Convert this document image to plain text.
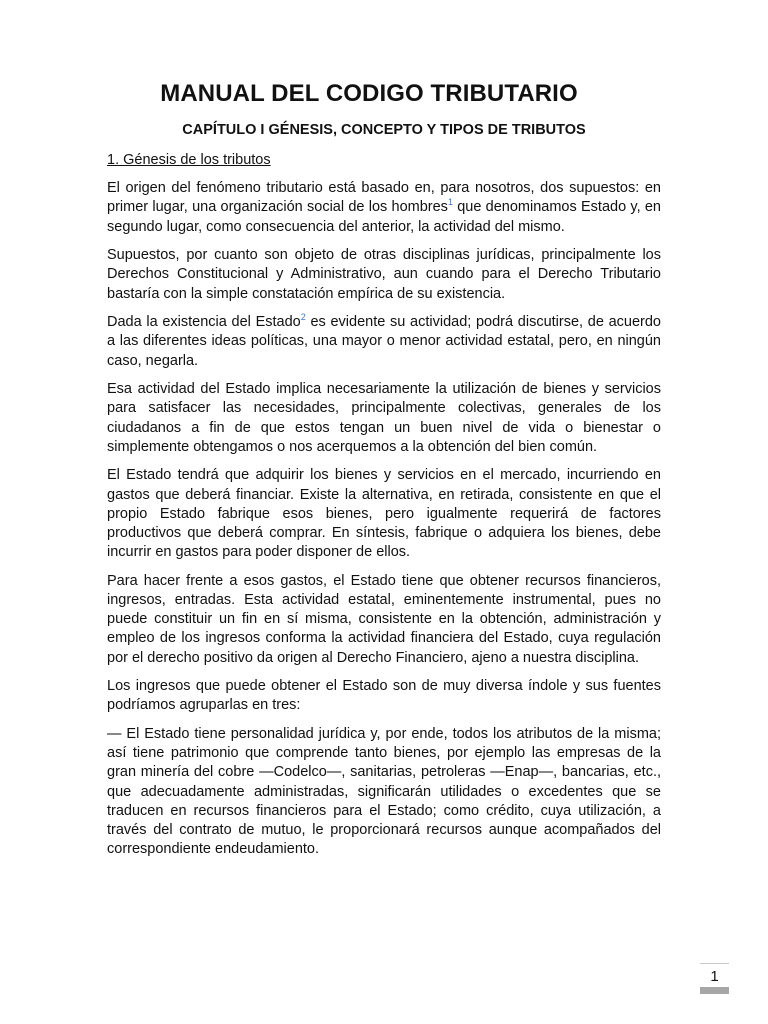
MANUAL DEL CODIGO TRIBUTARIO
CAPÍTULO I GÉNESIS, CONCEPTO Y TIPOS DE TRIBUTOS

1. Génesis de los tributos

El origen del fenómeno tributario está basado en, para nosotros, dos supuestos: en primer lugar, una organización social de los hombres$^1$ que denominamos Estado y, en segundo lugar, como consecuencia del anterior, la actividad del mismo.

Supuestos, por cuanto son objeto de otras disciplinas jurídicas, principalmente los Derechos Constitucional y Administrativo, aun cuando para el Derecho Tributario bastaría con la simple constatación empírica de su existencia.

Dada la existencia del Estado$^2$ es evidente su actividad; podrá discutirse, de acuerdo a las diferentes ideas políticas, una mayor o menor actividad estatal, pero, en ningún caso, negarla.

Esa actividad del Estado implica necesariamente la utilización de bienes y servicios para satisfacer las necesidades, principalmente colectivas, generales de los ciudadanos a fin de que estos tengan un buen nivel de vida o bienestar o simplemente obtengamos o nos acerquemos a la obtención del bien común.

El Estado tendrá que adquirir los bienes y servicios en el mercado, incurriendo en gastos que deberá financiar. Existe la alternativa, en retirada, consistente en que el propio Estado fabrique esos bienes, pero igualmente requerirá de factores productivos que deberá comprar. En síntesis, fabrique o adquiera los bienes, debe incurrir en gastos para poder disponer de ellos.

Para hacer frente a esos gastos, el Estado tiene que obtener recursos financieros, ingresos, entradas. Esta actividad estatal, eminentemente instrumental, pues no puede constituir un fin en sí misma, consistente en la obtención, administración y empleo de los ingresos conforma la actividad financiera del Estado, cuya regulación por el derecho positivo da origen al Derecho Financiero, ajeno a nuestra disciplina.

Los ingresos que puede obtener el Estado son de muy diversa índole y sus fuentes podríamos agruparlas en tres:

— El Estado tiene personalidad jurídica y, por ende, todos los atributos de la misma; así tiene patrimonio que comprende tanto bienes, por ejemplo las empresas de la gran minería del cobre —Codelco—, sanitarias, petroleras —Enap—, bancarias, etc., que adecuadamente administradas, significarán utilidades o excedentes que se traducen en recursos financieros para el Estado; como crédito, cuya utilización, a través del contrato de mutuo, le proporcionará recursos aunque acompañados del correspondiente endeudamiento.

1
